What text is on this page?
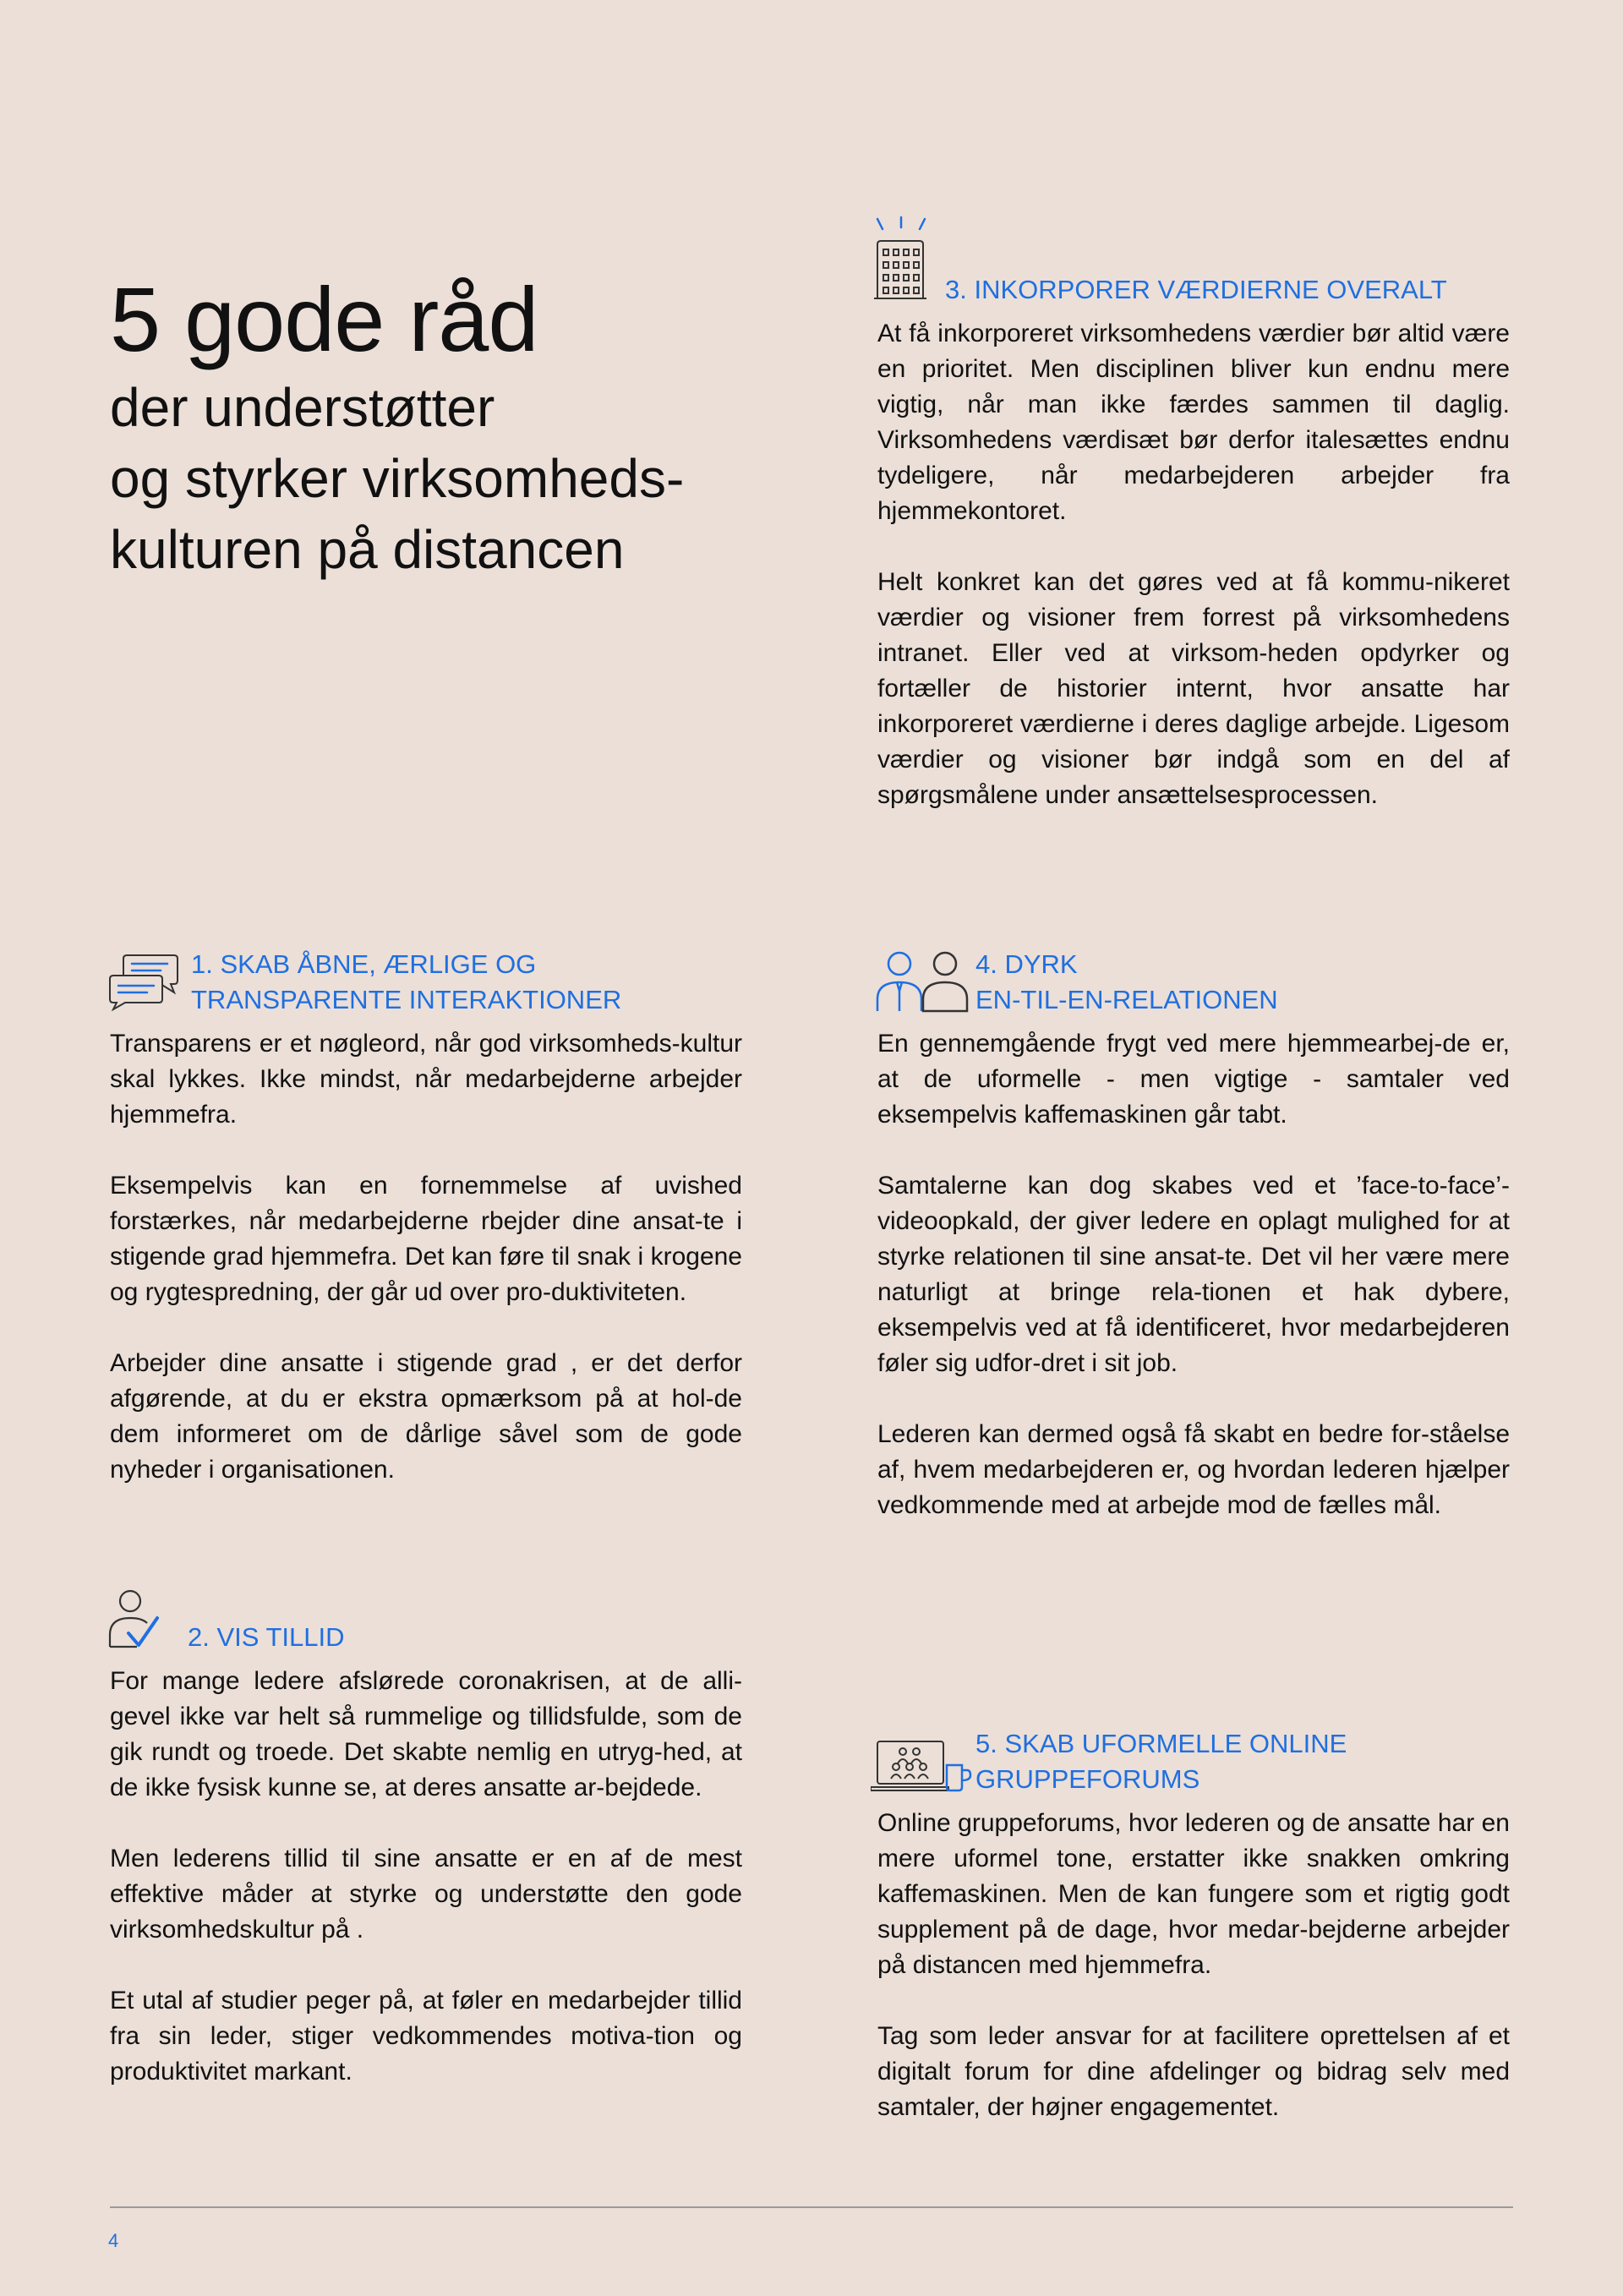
5 gode råd
der understøtter
og styrker virksomheds-
kulturen på distancen
3. INKORPORER VÆRDIERNE OVERALT

At få inkorporeret virksomhedens værdier bør altid være en prioritet. Men disciplinen bliver kun endnu mere vigtig, når man ikke færdes sammen til daglig. Virksomhedens værdisæt bør derfor italesættes endnu tydeligere, når medarbejderen arbejder fra hjemmekontoret.

Helt konkret kan det gøres ved at få kommu-nikeret værdier og visioner frem forrest på virksomhedens intranet. Eller ved at virksom-heden opdyrker og fortæller de historier internt, hvor ansatte har inkorporeret værdierne i deres daglige arbejde. Ligesom værdier og visioner bør indgå som en del af spørgsmålene under ansættelsesprocessen.

1. SKAB ÅBNE, ÆRLIGE OG
TRANSPARENTE INTERAKTIONER

Transparens er et nøgleord, når god virksomheds-kultur skal lykkes. Ikke mindst, når medarbejderne arbejder hjemmefra.

Eksempelvis kan en fornemmelse af uvished forstærkes, når medarbejderne rbejder dine ansat-te i stigende grad hjemmefra. Det kan føre til snak i krogene og rygtespredning, der går ud over pro-duktiviteten.

Arbejder dine ansatte i stigende grad , er det derfor afgørende, at du er ekstra opmærksom på at hol-de dem informeret om de dårlige såvel som de gode nyheder i organisationen.

4. DYRK
EN-TIL-EN-RELATIONEN

En gennemgående frygt ved mere hjemmearbej-de er, at de uformelle - men vigtige - samtaler ved eksempelvis kaffemaskinen går tabt.

Samtalerne kan dog skabes ved et ’face-to-face’-videoopkald, der giver ledere en oplagt mulighed for at styrke relationen til sine ansat-te. Det vil her være mere naturligt at bringe rela-tionen et hak dybere, eksempelvis ved at få identificeret, hvor medarbejderen føler sig udfor-dret i sit job.

Lederen kan dermed også få skabt en bedre for-ståelse af, hvem medarbejderen er, og hvordan lederen hjælper vedkommende med at arbejde mod de fælles mål.

2. VIS TILLID

For mange ledere afslørede coronakrisen, at de alli-gevel ikke var helt så rummelige og tillidsfulde, som de gik rundt og troede. Det skabte nemlig en utryg-hed, at de ikke fysisk kunne se, at deres ansatte ar-bejdede.

Men lederens tillid til sine ansatte er en af de mest effektive måder at styrke og understøtte den gode virksomhedskultur på .

Et utal af studier peger på, at føler en medarbejder tillid fra sin leder, stiger vedkommendes motiva-tion og produktivitet markant.

5. SKAB UFORMELLE ONLINE
GRUPPEFORUMS

Online gruppeforums, hvor lederen og de ansatte har en mere uformel tone, erstatter ikke snakken omkring kaffemaskinen. Men de kan fungere som et rigtig godt supplement på de dage, hvor medar-bejderne arbejder på distancen med hjemmefra.

Tag som leder ansvar for at facilitere oprettelsen af et digitalt forum for dine afdelinger og bidrag selv med samtaler, der højner engagementet.

4
